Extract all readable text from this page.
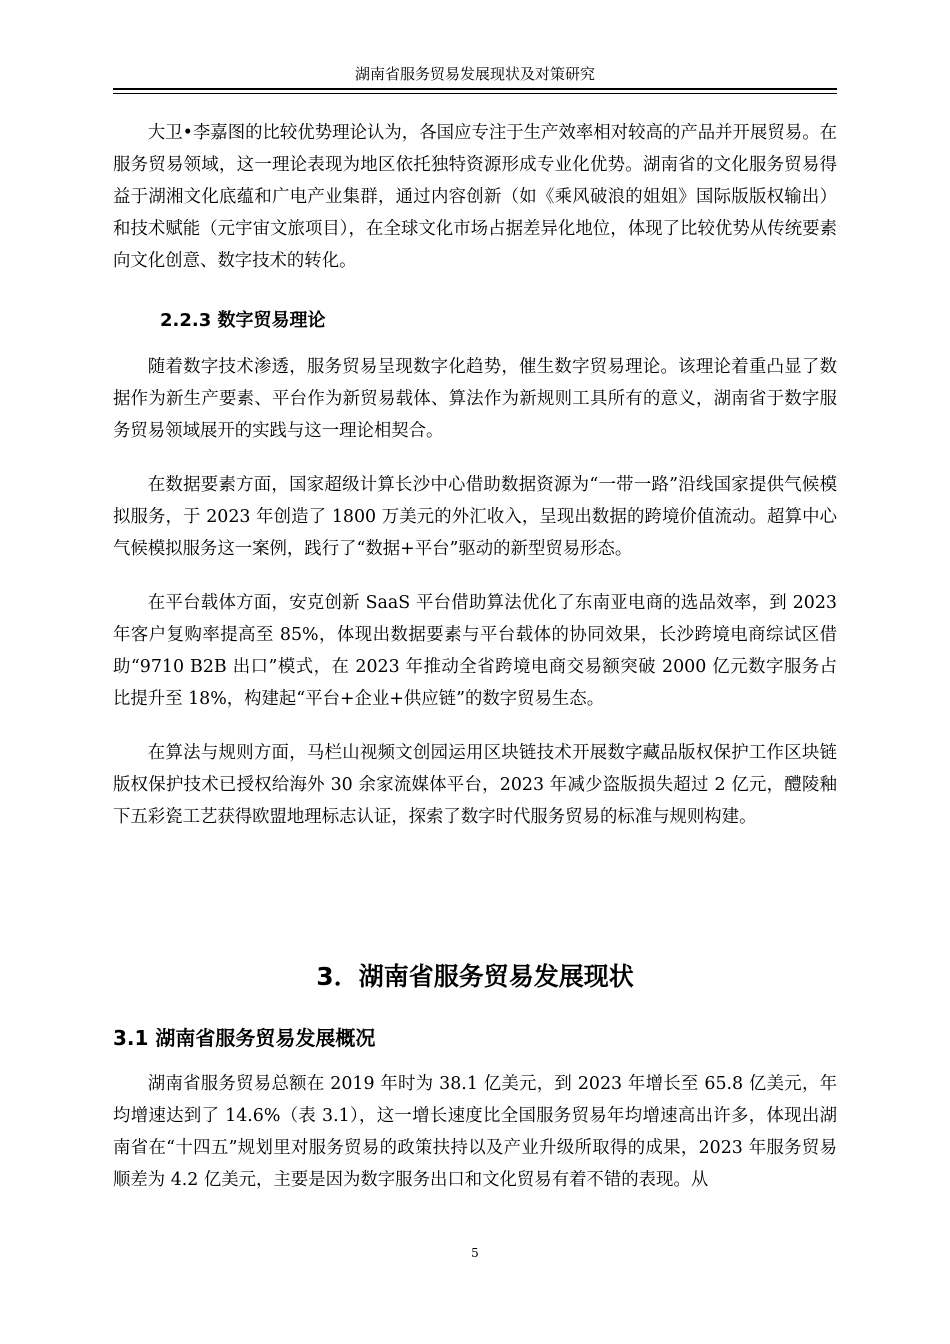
湖南省服务贸易发展现状及对策研究

大卫•李嘉图的比较优势理论认为，各国应专注于生产效率相对较高的产品并开展贸易。在服务贸易领域，这一理论表现为地区依托独特资源形成专业化优势。湖南省的文化服务贸易得益于湖湘文化底蕴和广电产业集群，通过内容创新（如《乘风破浪的姐姐》国际版版权输出）和技术赋能（元宇宙文旅项目），在全球文化市场占据差异化地位，体现了比较优势从传统要素向文化创意、数字技术的转化。

2.2.3 数字贸易理论

随着数字技术渗透，服务贸易呈现数字化趋势，催生数字贸易理论。该理论着重凸显了数据作为新生产要素、平台作为新贸易载体、算法作为新规则工具所有的意义，湖南省于数字服务贸易领域展开的实践与这一理论相契合。

在数据要素方面，国家超级计算长沙中心借助数据资源为“一带一路”沿线国家提供气候模拟服务，于 2023 年创造了 1800 万美元的外汇收入，呈现出数据的跨境价值流动。超算中心气候模拟服务这一案例，践行了“数据+平台”驱动的新型贸易形态。

在平台载体方面，安克创新 SaaS 平台借助算法优化了东南亚电商的选品效率，到 2023 年客户复购率提高至 85%，体现出数据要素与平台载体的协同效果，长沙跨境电商综试区借助“9710 B2B 出口”模式，在 2023 年推动全省跨境电商交易额突破 2000 亿元数字服务占比提升至 18%，构建起“平台+企业+供应链”的数字贸易生态。

在算法与规则方面，马栏山视频文创园运用区块链技术开展数字藏品版权保护工作区块链版权保护技术已授权给海外 30 余家流媒体平台，2023 年减少盗版损失超过 2 亿元，醴陵釉下五彩瓷工艺获得欧盟地理标志认证，探索了数字时代服务贸易的标准与规则构建。

3．湖南省服务贸易发展现状
3.1 湖南省服务贸易发展概况

湖南省服务贸易总额在 2019 年时为 38.1 亿美元，到 2023 年增长至 65.8 亿美元，年均增速达到了 14.6%（表 3.1），这一增长速度比全国服务贸易年均增速高出许多，体现出湖南省在“十四五”规划里对服务贸易的政策扶持以及产业升级所取得的成果，2023 年服务贸易顺差为 4.2 亿美元，主要是因为数字服务出口和文化贸易有着不错的表现。从

5
